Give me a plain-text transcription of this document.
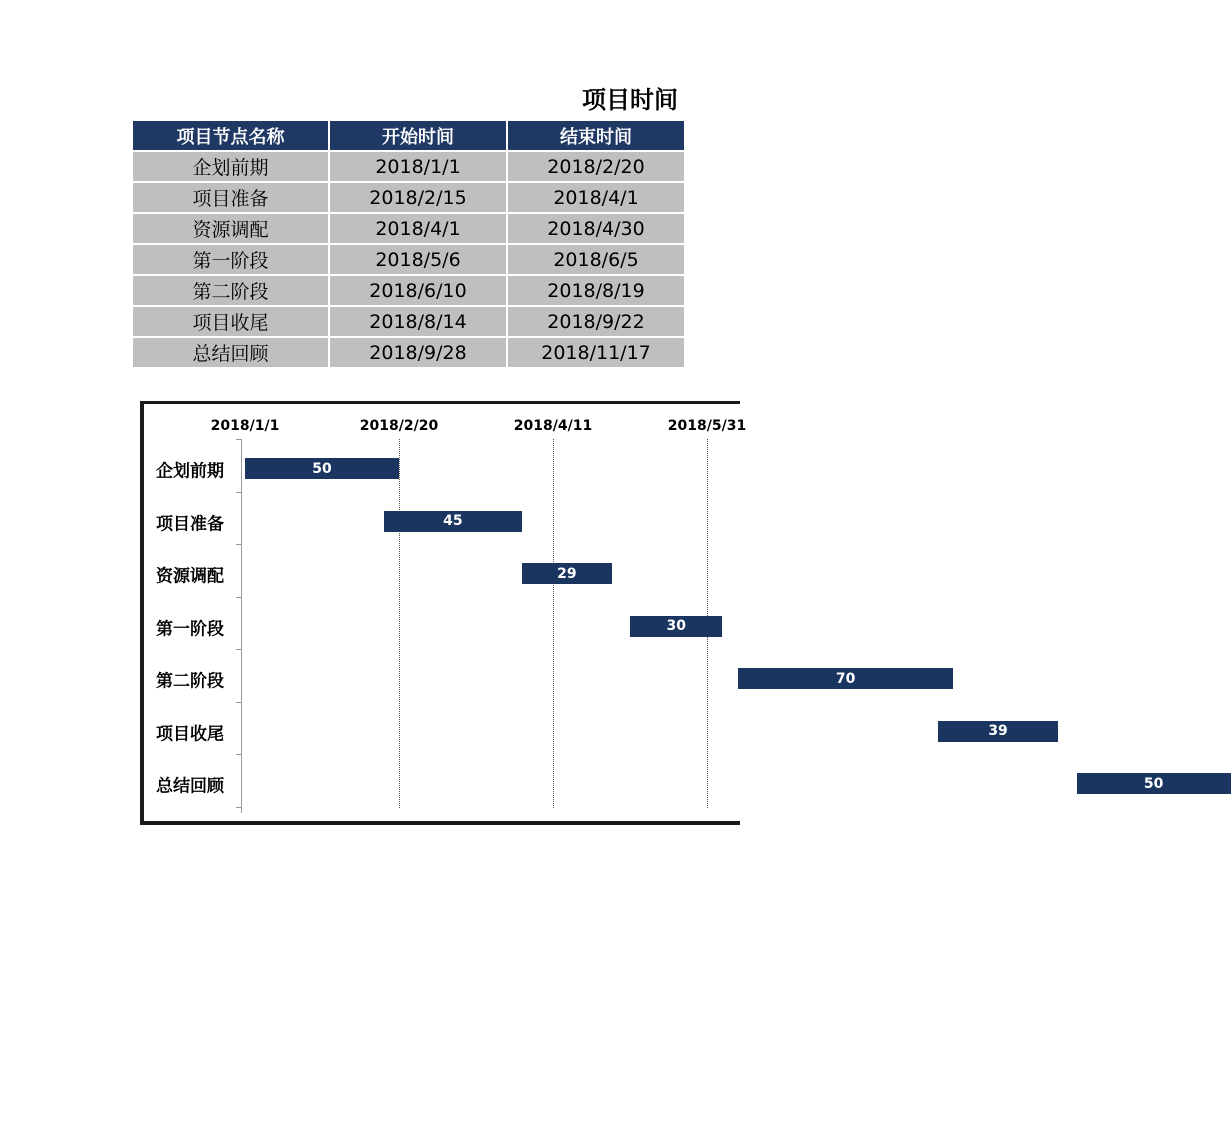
项目时间
项目节点名称	开始时间	结束时间
企划前期	2018/1/1	2018/2/20
项目准备	2018/2/15	2018/4/1
资源调配	2018/4/1	2018/4/30
第一阶段	2018/5/6	2018/6/5
第二阶段	2018/6/10	2018/8/19
项目收尾	2018/8/14	2018/9/22
总结回顾	2018/9/28	2018/11/17
2018/1/1	2018/2/20	2018/4/11	2018/5/31
企划前期	50
项目准备	45
资源调配	29
第一阶段	30
第二阶段	70
项目收尾	39
总结回顾	50
